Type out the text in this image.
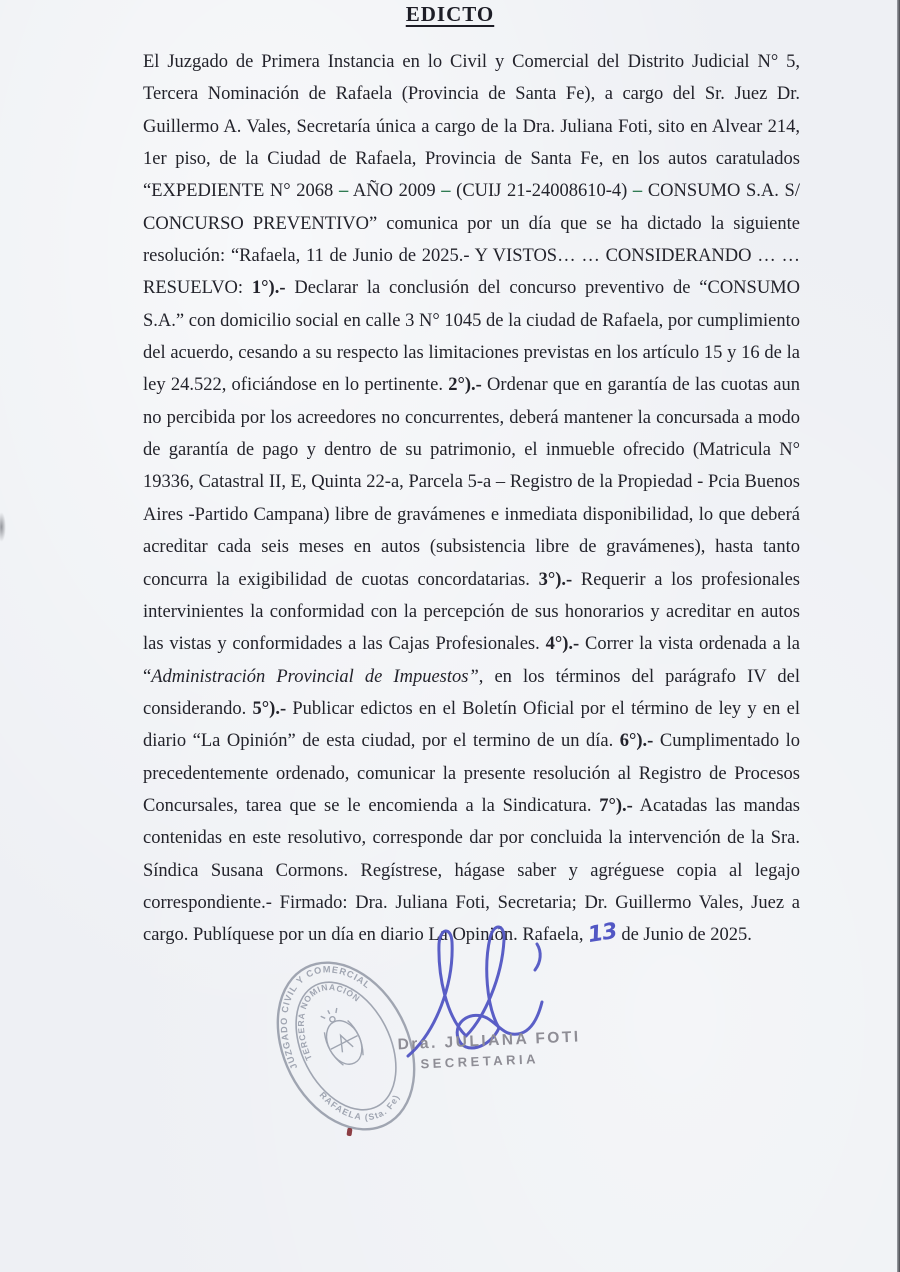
EDICTO

El Juzgado de Primera Instancia en lo Civil y Comercial del Distrito Judicial N° 5, Tercera Nominación de Rafaela (Provincia de Santa Fe), a cargo del Sr. Juez Dr. Guillermo A. Vales, Secretaría única a cargo de la Dra. Juliana Foti, sito en Alvear 214, 1er piso, de la Ciudad de Rafaela, Provincia de Santa Fe, en los autos caratulados “EXPEDIENTE N° 2068 – AÑO 2009 – (CUIJ 21-24008610-4) – CONSUMO S.A. S/ CONCURSO PREVENTIVO” comunica por un día que se ha dictado la siguiente resolución: “Rafaela, 11 de Junio de 2025.- Y VISTOS… … CONSIDERANDO … … RESUELVO: 1°).- Declarar la conclusión del concurso preventivo de “CONSUMO S.A.” con domicilio social en calle 3 N° 1045 de la ciudad de Rafaela, por cumplimiento del acuerdo, cesando a su respecto las limitaciones previstas en los artículo 15 y 16 de la ley 24.522, oficiándose en lo pertinente. 2°).- Ordenar que en garantía de las cuotas aun no percibida por los acreedores no concurrentes, deberá mantener la concursada a modo de garantía de pago y dentro de su patrimonio, el inmueble ofrecido (Matricula N° 19336, Catastral II, E, Quinta 22-a, Parcela 5-a – Registro de la Propiedad - Pcia Buenos Aires -Partido Campana) libre de gravámenes e inmediata disponibilidad, lo que deberá acreditar cada seis meses en autos (subsistencia libre de gravámenes), hasta tanto concurra la exigibilidad de cuotas concordatarias. 3°).- Requerir a los profesionales intervinientes la conformidad con la percepción de sus honorarios y acreditar en autos las vistas y conformidades a las Cajas Profesionales. 4°).- Correr la vista ordenada a la “Administración Provincial de Impuestos”, en los términos del parágrafo IV del considerando. 5°).- Publicar edictos en el Boletín Oficial por el término de ley y en el diario “La Opinión” de esta ciudad, por el termino de un día. 6°).- Cumplimentado lo precedentemente ordenado, comunicar la presente resolución al Registro de Procesos Concursales, tarea que se le encomienda a la Sindicatura. 7°).- Acatadas las mandas contenidas en este resolutivo, corresponde dar por concluida la intervención de la Sra. Síndica Susana Cormons. Regístrese, hágase saber y agréguese copia al legajo correspondiente.- Firmado: Dra. Juliana Foti, Secretaria; Dr. Guillermo Vales, Juez a cargo. Publíquese por un día en diario La Opinión. Rafaela, 13 de Junio de 2025.

JUZGADO CIVIL Y COMERCIAL
TERCERA NOMINACIÓN
RAFAELA (Sta. Fe)
Dra. JULIANA FOTI
SECRETARIA
